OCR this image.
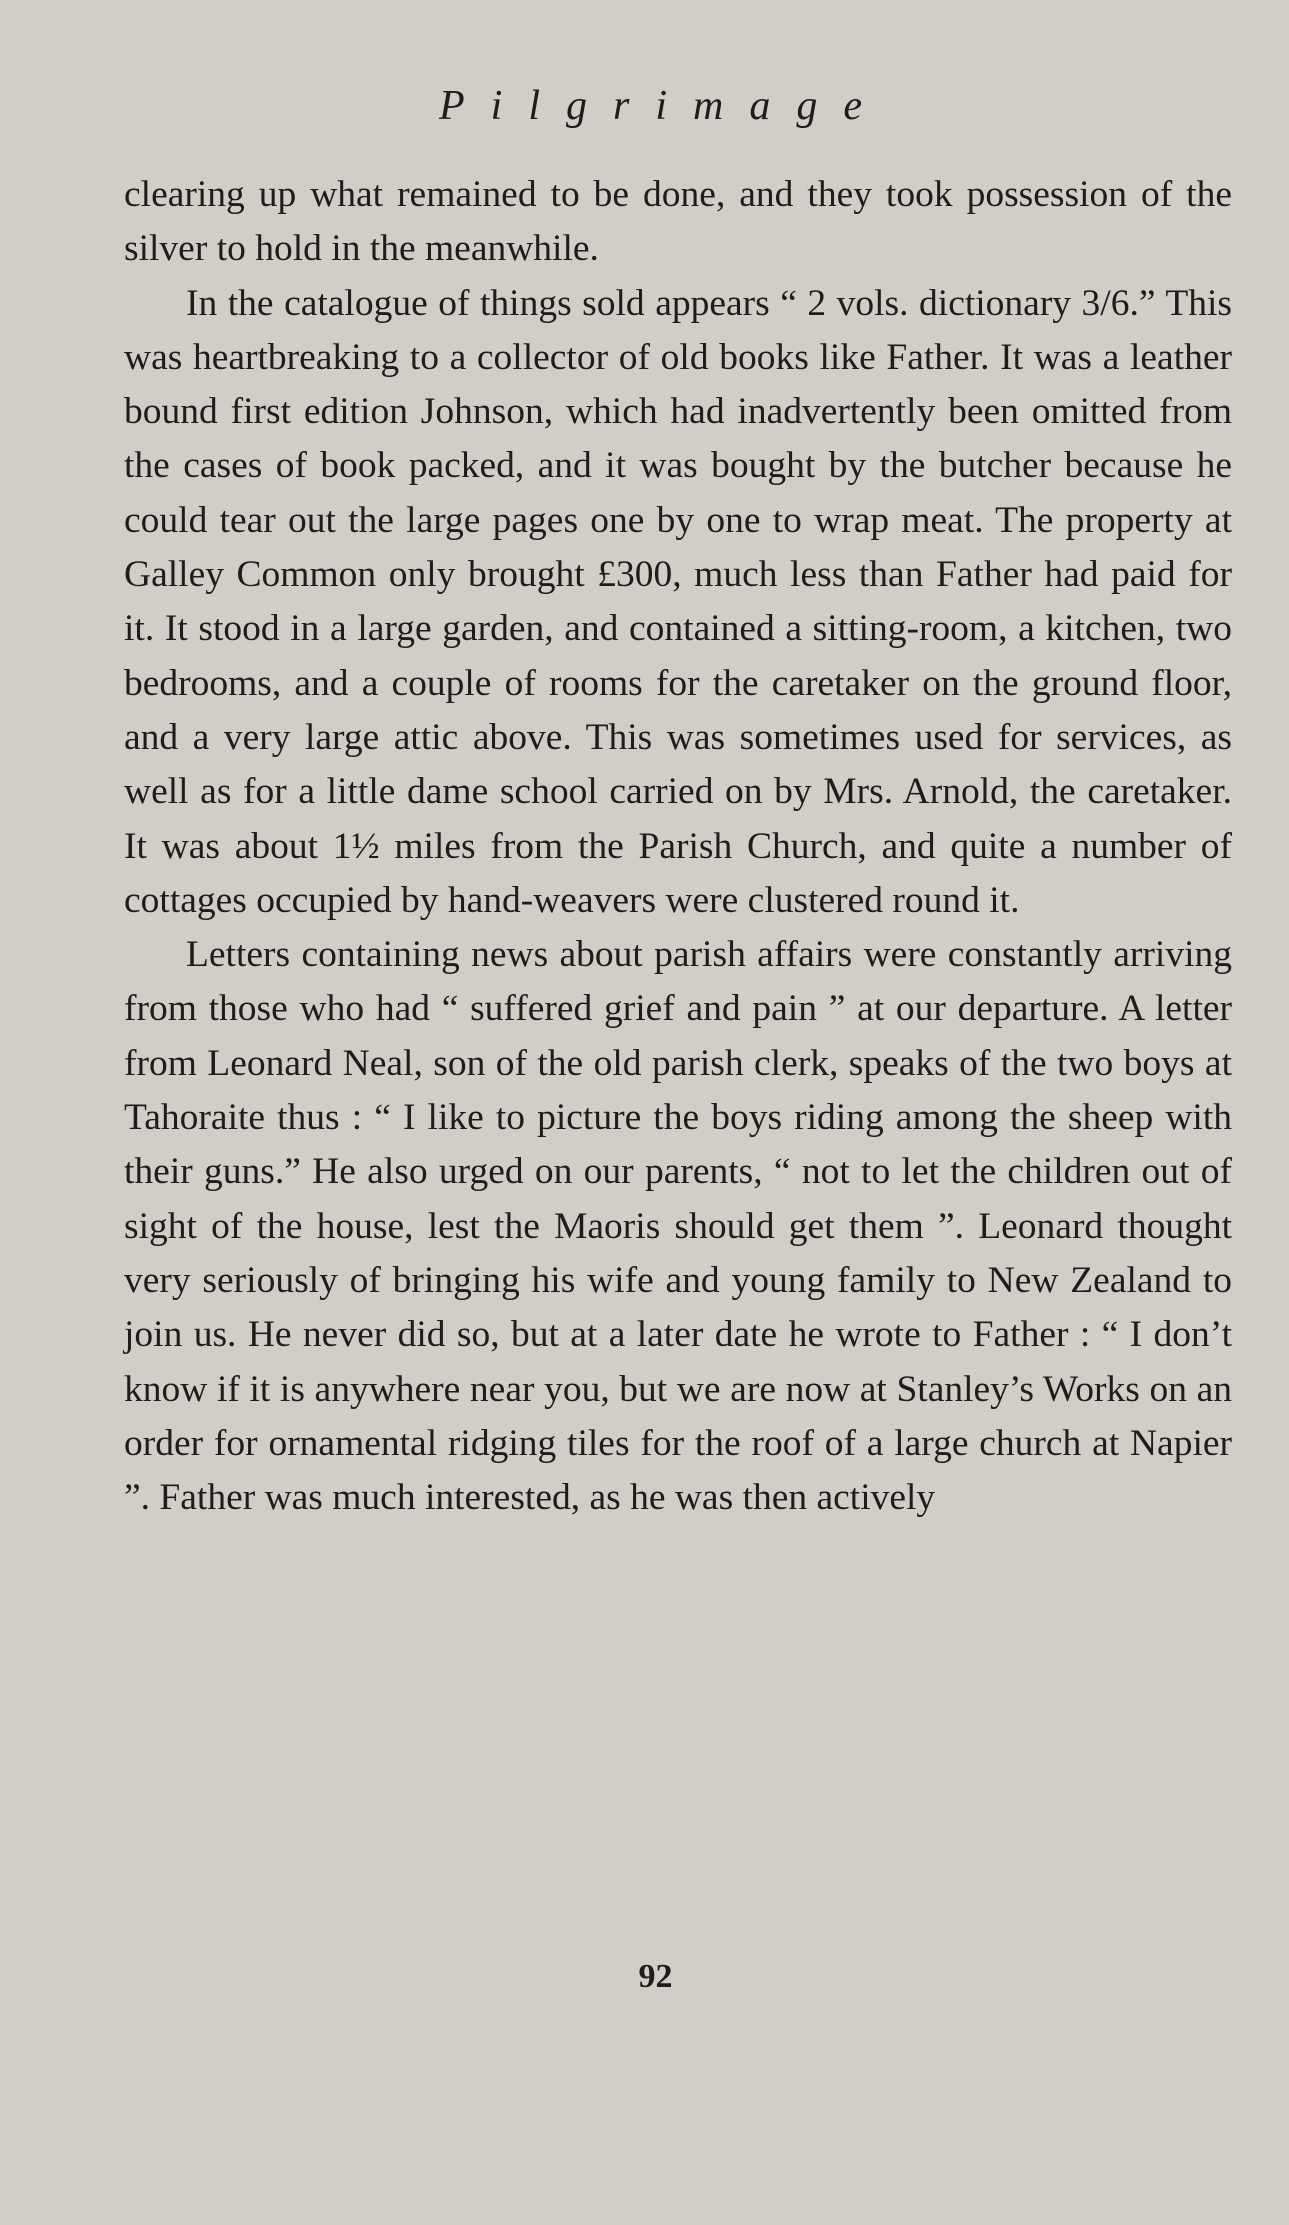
Pilgrimage

clearing up what remained to be done, and they took possession of the silver to hold in the meanwhile.

In the catalogue of things sold appears “ 2 vols. dictionary 3/6.” This was heartbreaking to a collector of old books like Father. It was a leather bound first edition Johnson, which had inadvertently been omitted from the cases of book packed, and it was bought by the butcher because he could tear out the large pages one by one to wrap meat. The property at Galley Common only brought £300, much less than Father had paid for it. It stood in a large garden, and contained a sitting-room, a kitchen, two bedrooms, and a couple of rooms for the caretaker on the ground floor, and a very large attic above. This was sometimes used for services, as well as for a little dame school carried on by Mrs. Arnold, the caretaker. It was about 1½ miles from the Parish Church, and quite a number of cottages occupied by hand-weavers were clustered round it.

Letters containing news about parish affairs were constantly arriving from those who had “ suffered grief and pain ” at our departure. A letter from Leonard Neal, son of the old parish clerk, speaks of the two boys at Tahoraite thus : “ I like to picture the boys riding among the sheep with their guns.” He also urged on our parents, “ not to let the children out of sight of the house, lest the Maoris should get them ”. Leonard thought very seriously of bringing his wife and young family to New Zealand to join us. He never did so, but at a later date he wrote to Father : “ I don’t know if it is anywhere near you, but we are now at Stanley’s Works on an order for ornamental ridging tiles for the roof of a large church at Napier ”. Father was much interested, as he was then actively

92
